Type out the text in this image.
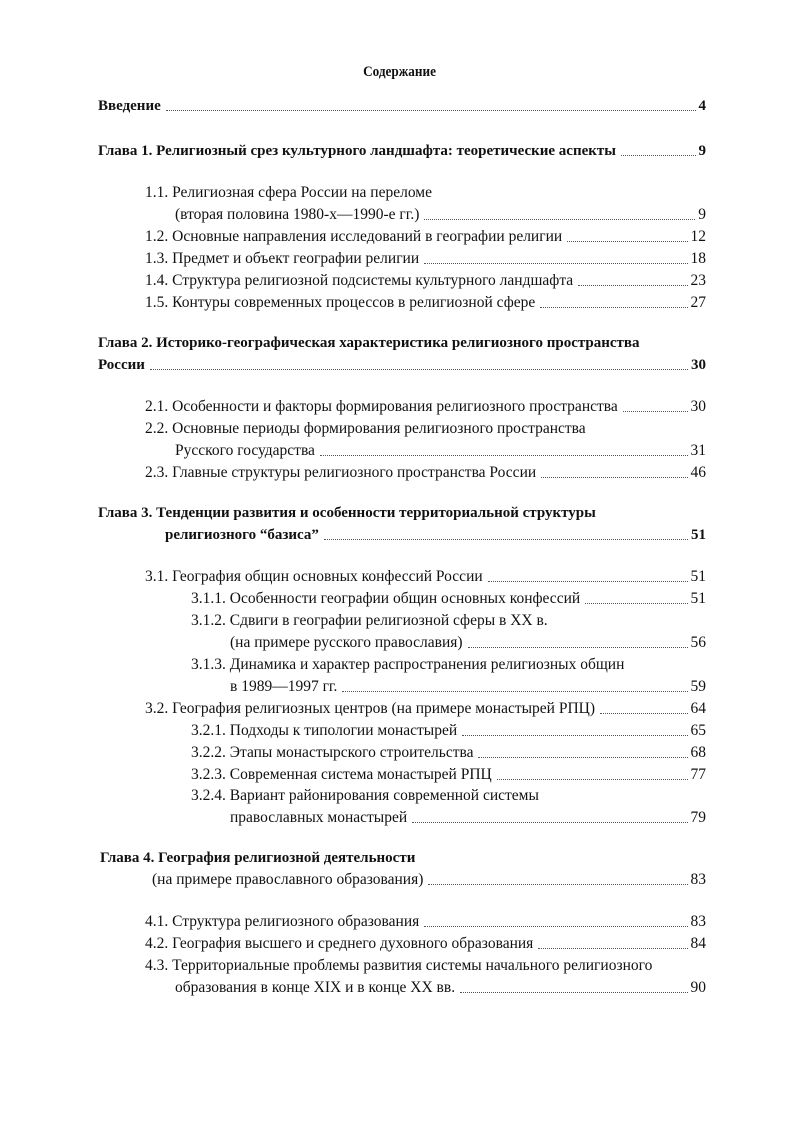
Содержание
Введение	4
Глава 1. Религиозный срез культурного ландшафта: теоретические аспекты	9
1.1. Религиозная сфера России на переломе
(вторая половина 1980-х—1990-е гг.)	9
1.2. Основные направления исследований в географии религии	12
1.3. Предмет и объект географии религии	18
1.4. Структура религиозной подсистемы культурного ландшафта	23
1.5. Контуры современных процессов в религиозной сфере	27
Глава 2. Историко-географическая характеристика религиозного пространства
России	30
2.1. Особенности и факторы формирования религиозного пространства	30
2.2. Основные периоды формирования религиозного пространства
Русского государства	31
2.3. Главные структуры религиозного пространства России	46
Глава 3. Тенденции развития и особенности территориальной структуры
религиозного “базиса”	51
3.1. География общин основных конфессий России	51
3.1.1. Особенности географии общин основных конфессий	51
3.1.2. Сдвиги в географии религиозной сферы в XX в.
(на примере русского православия)	56
3.1.3. Динамика и характер распространения религиозных общин
в 1989—1997 гг.	59
3.2. География религиозных центров (на примере монастырей РПЦ)	64
3.2.1. Подходы к типологии монастырей	65
3.2.2. Этапы монастырского строительства	68
3.2.3. Современная система монастырей РПЦ	77
3.2.4. Вариант районирования современной системы
православных монастырей	79
Глава 4. География религиозной деятельности
(на примере православного образования)	83
4.1. Структура религиозного образования	83
4.2. География высшего и среднего духовного образования	84
4.3. Территориальные проблемы развития системы начального религиозного
образования в конце XIX и в конце XX вв.	90
